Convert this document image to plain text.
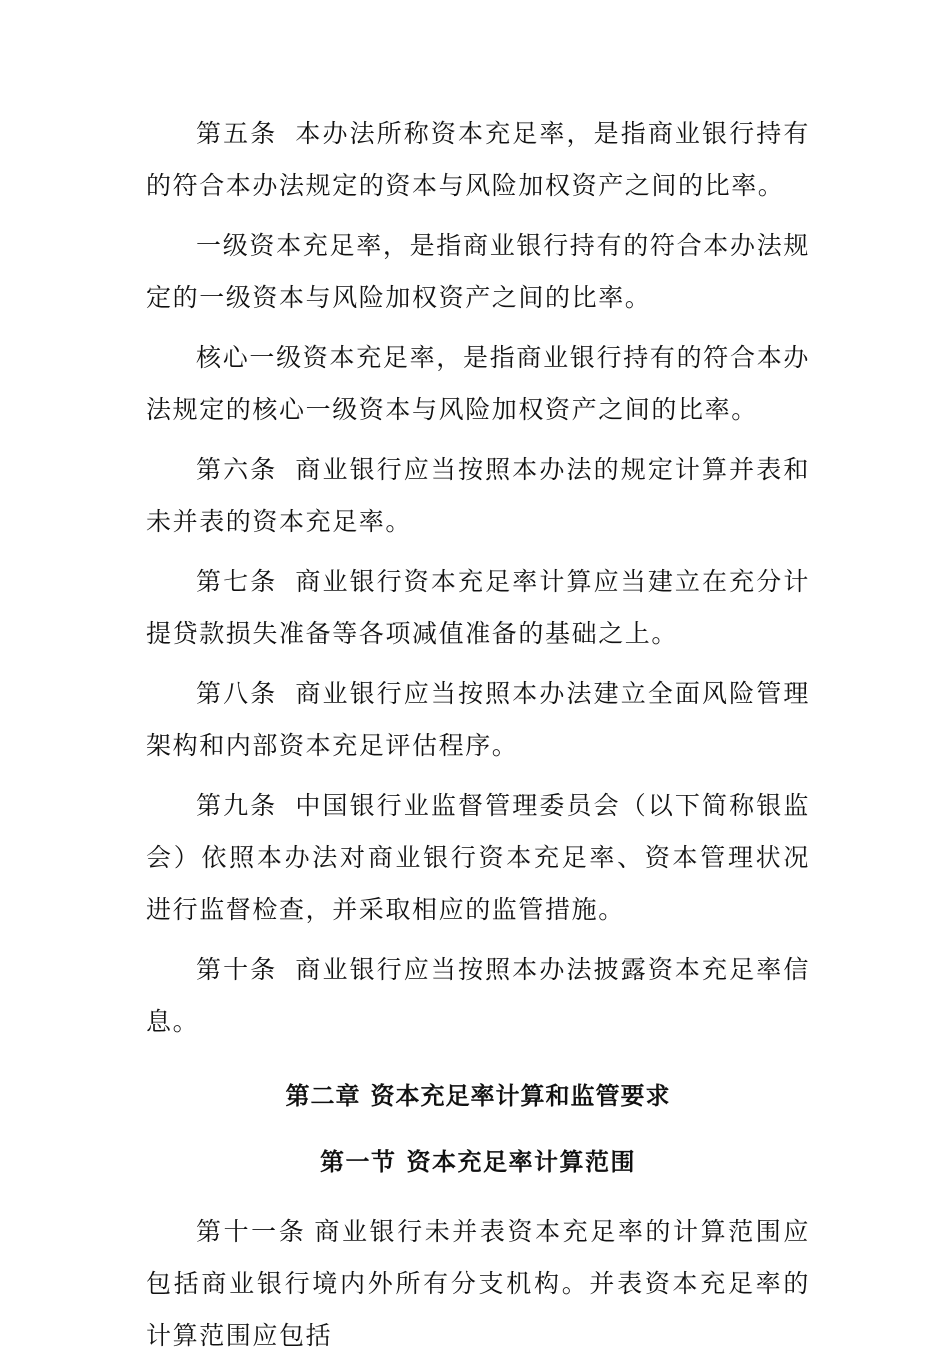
第五条 本办法所称资本充足率，是指商业银行持有的符合本办法规定的资本与风险加权资产之间的比率。

一级资本充足率，是指商业银行持有的符合本办法规定的一级资本与风险加权资产之间的比率。

核心一级资本充足率，是指商业银行持有的符合本办法规定的核心一级资本与风险加权资产之间的比率。

第六条 商业银行应当按照本办法的规定计算并表和未并表的资本充足率。

第七条 商业银行资本充足率计算应当建立在充分计提贷款损失准备等各项减值准备的基础之上。

第八条 商业银行应当按照本办法建立全面风险管理架构和内部资本充足评估程序。

第九条 中国银行业监督管理委员会（以下简称银监会）依照本办法对商业银行资本充足率、资本管理状况进行监督检查，并采取相应的监管措施。

第十条 商业银行应当按照本办法披露资本充足率信息。

第二章 资本充足率计算和监管要求
第一节 资本充足率计算范围

第十一条 商业银行未并表资本充足率的计算范围应包括商业银行境内外所有分支机构。并表资本充足率的计算范围应包括
